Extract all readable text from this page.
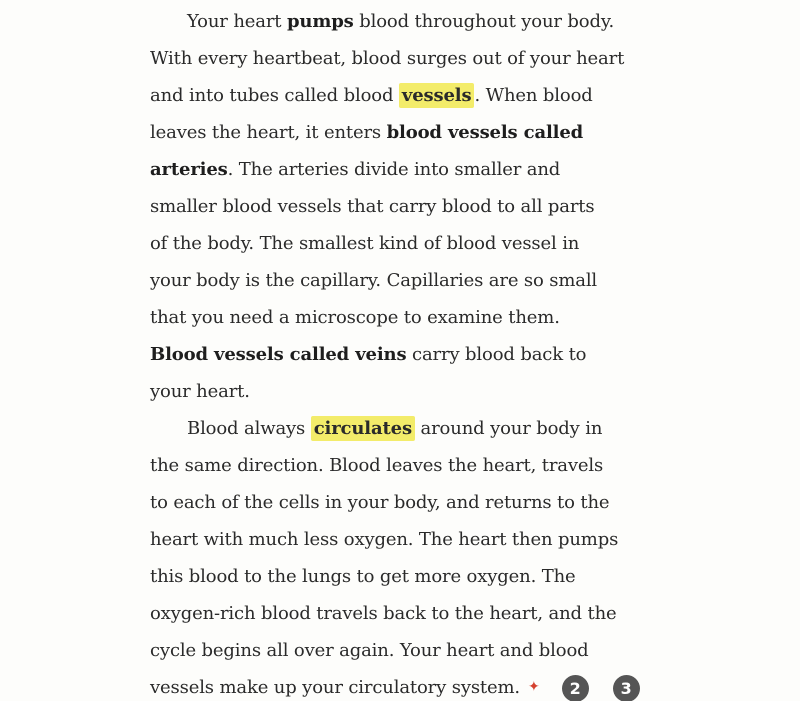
Your heart pumps blood throughout your body.
With every heartbeat, blood surges out of your heart
and into tubes called blood vessels . When blood
leaves the heart, it enters blood vessels called
arteries. The arteries divide into smaller and
smaller blood vessels that carry blood to all parts
of the body. The smallest kind of blood vessel in
your body is the capillary. Capillaries are so small
that you need a microscope to examine them.
Blood vessels called veins carry blood back to
your heart.
Blood always circulates around your body in
the same direction. Blood leaves the heart, travels
to each of the cells in your body, and returns to the
heart with much less oxygen. The heart then pumps
this blood to the lungs to get more oxygen. The
oxygen-rich blood travels back to the heart, and the
cycle begins all over again. Your heart and blood
vessels make up your circulatory system. ✦ 2	3
